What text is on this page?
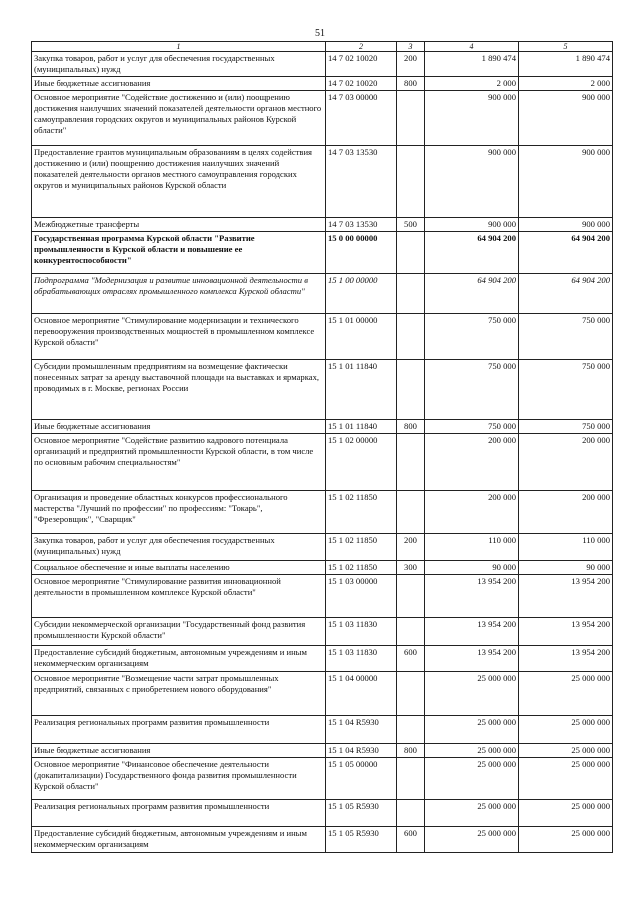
51
1	2	3	4	5
Закупка товаров, работ и услуг для обеспечения государственных (муниципальных) нужд	14 7 02 10020	200	1 890 474	1 890 474
Иные бюджетные ассигнования	14 7 02 10020	800	2 000	2 000
Основное мероприятие "Содействие достижению и (или) поощрению достижения наилучших значений показателей деятельности органов местного самоуправления городских округов и муниципальных районов Курской области"	14 7 03 00000		900 000	900 000
Предоставление грантов муниципальным образованиям в целях содействия достижению и (или) поощрению достижения наилучших значений показателей деятельности органов местного самоуправления городских округов и муниципальных районов Курской области	14 7 03 13530		900 000	900 000
Межбюджетные трансферты	14 7 03 13530	500	900 000	900 000
Государственная программа Курской области "Развитие промышленности в Курской области и повышение ее конкурентоспособности"	15 0 00 00000		64 904 200	64 904 200
Подпрограмма "Модернизация и развитие инновационной деятельности в обрабатывающих отраслях промышленного комплекса Курской области"	15 1 00 00000		64 904 200	64 904 200
Основное мероприятие "Стимулирование модернизации и технического перевооружения производственных мощностей в промышленном комплексе Курской области"	15 1 01 00000		750 000	750 000
Субсидии промышленным предприятиям на возмещение фактически понесенных затрат за аренду выставочной площади на выставках и ярмарках, проводимых в г. Москве, регионах России	15 1 01 11840		750 000	750 000
Иные бюджетные ассигнования	15 1 01 11840	800	750 000	750 000
Основное мероприятие "Содействие развитию кадрового потенциала организаций и предприятий промышленности Курской области, в том числе по основным рабочим специальностям"	15 1 02 00000		200 000	200 000
Организация и проведение областных конкурсов профессионального мастерства "Лучший по профессии" по профессиям: "Токарь", "Фрезеровщик", "Сварщик"	15 1 02 11850		200 000	200 000
Закупка товаров, работ и услуг для обеспечения государственных (муниципальных) нужд	15 1 02 11850	200	110 000	110 000
Социальное обеспечение и иные выплаты населению	15 1 02 11850	300	90 000	90 000
Основное мероприятие "Стимулирование развития инновационной деятельности в промышленном комплексе Курской области"	15 1 03 00000		13 954 200	13 954 200
Субсидии некоммерческой организации "Государственный фонд развития промышленности Курской области"	15 1 03 11830		13 954 200	13 954 200
Предоставление субсидий бюджетным, автономным учреждениям и иным некоммерческим организациям	15 1 03 11830	600	13 954 200	13 954 200
Основное мероприятие "Возмещение части затрат промышленных предприятий, связанных с приобретением нового оборудования"	15 1 04 00000		25 000 000	25 000 000
Реализация региональных программ развития промышленности	15 1 04 R5930		25 000 000	25 000 000
Иные бюджетные ассигнования	15 1 04 R5930	800	25 000 000	25 000 000
Основное мероприятие "Финансовое обеспечение деятельности (докапитализации) Государственного фонда развития промышленности Курской области"	15 1 05 00000		25 000 000	25 000 000
Реализация региональных программ развития промышленности	15 1 05 R5930		25 000 000	25 000 000
Предоставление субсидий бюджетным, автономным учреждениям и иным некоммерческим организациям	15 1 05 R5930	600	25 000 000	25 000 000
